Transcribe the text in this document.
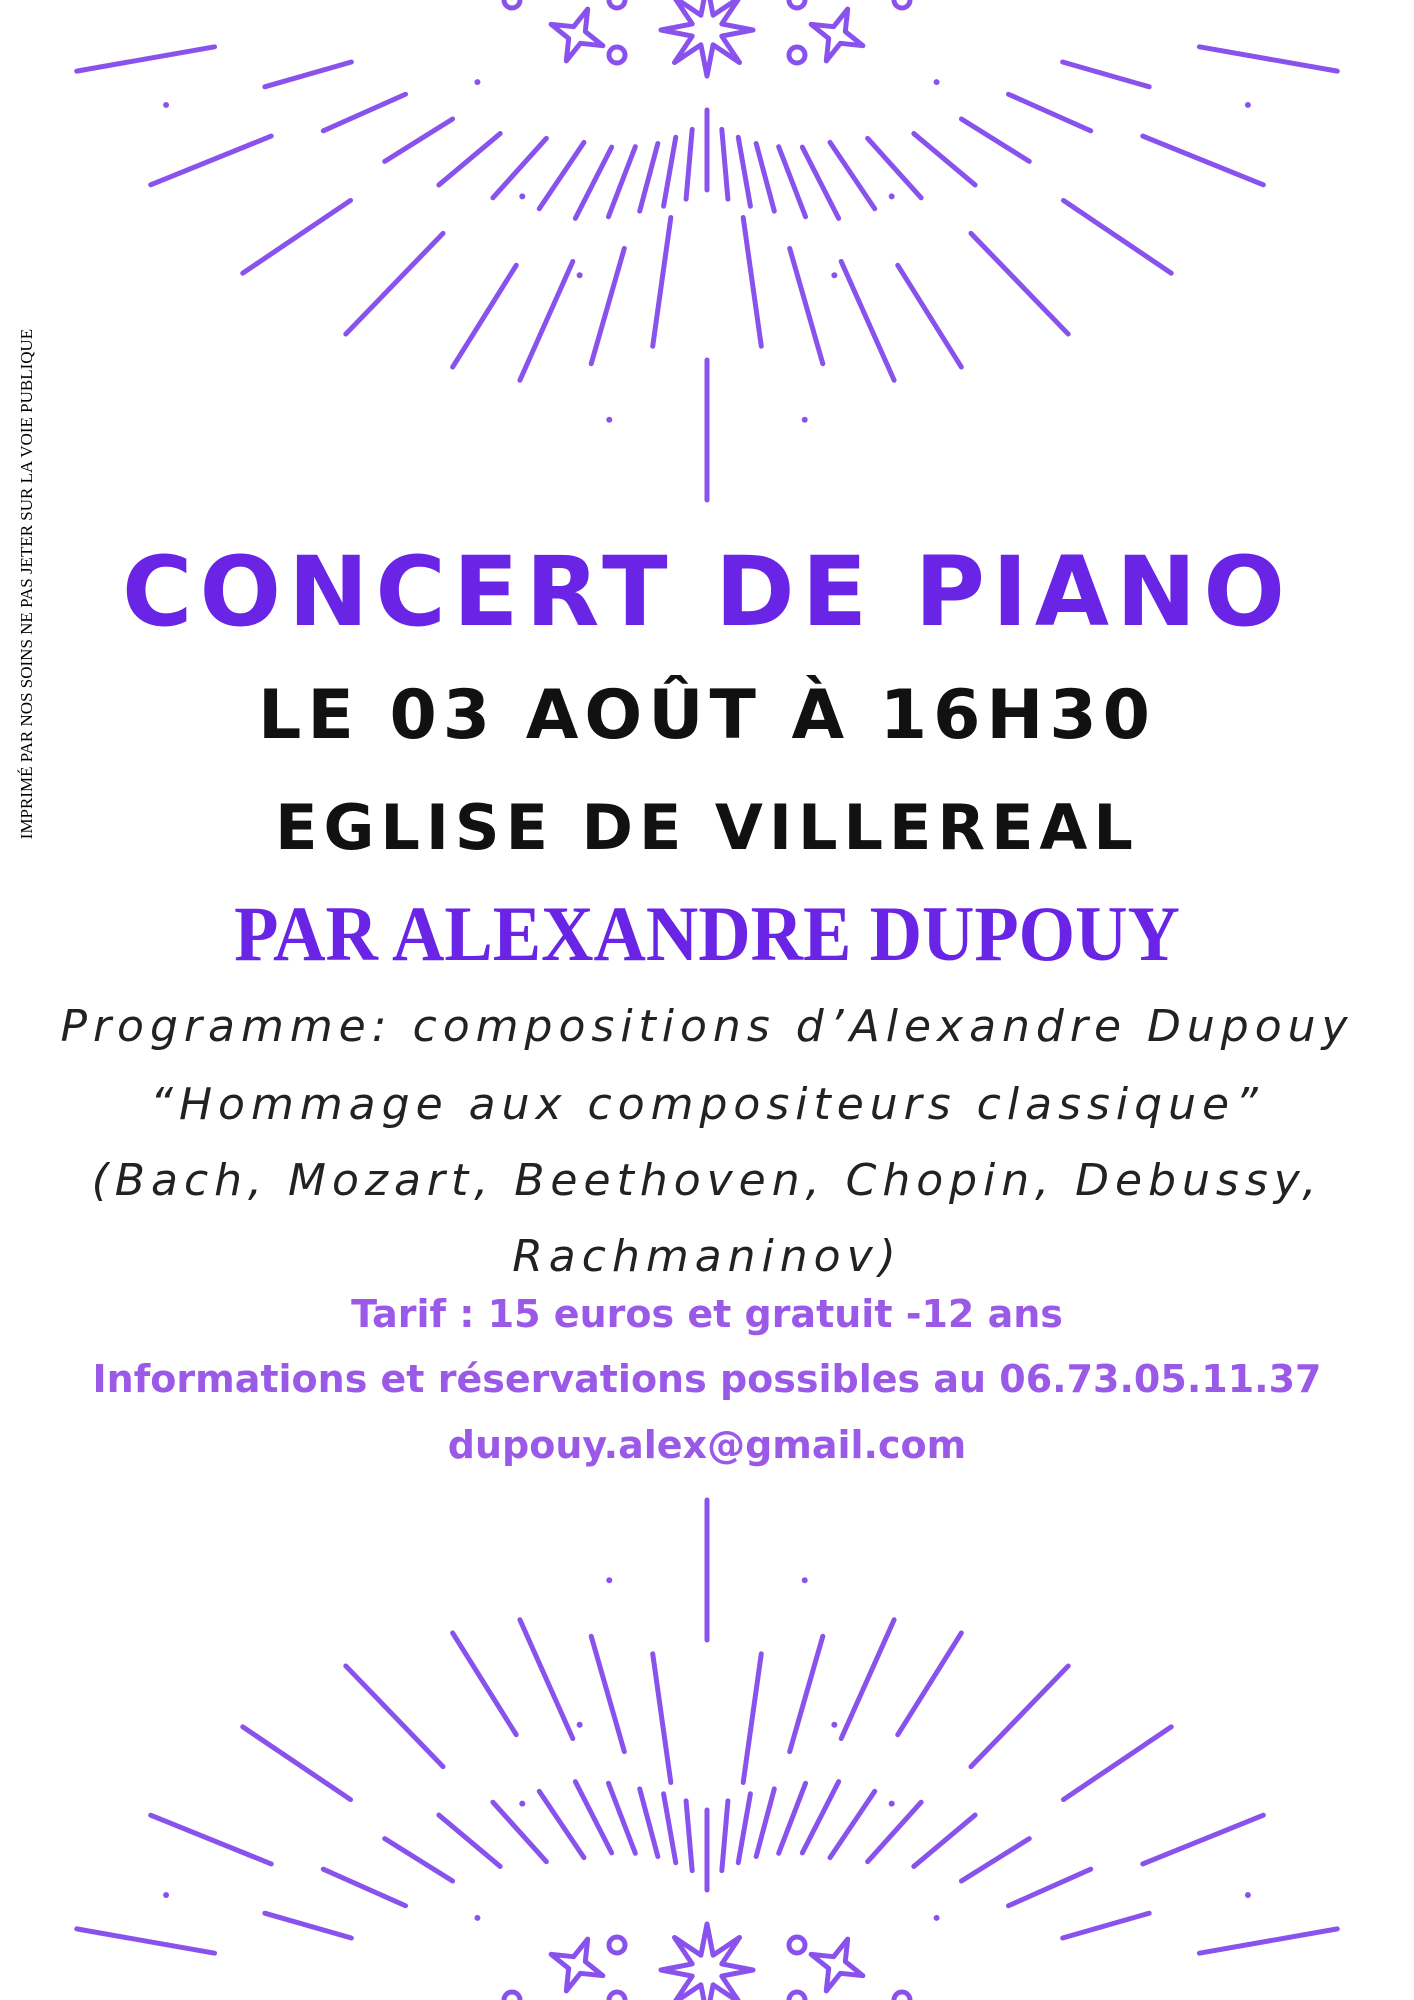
IMPRIMÉ PAR NOS SOINS NE PAS JETER SUR LA VOIE PUBLIQUE CONCERT DE PIANO
LE 03 AOÛT À 16H30
EGLISE DE VILLEREAL
PAR ALEXANDRE DUPOUY
Programme: compositions d’Alexandre Dupouy
“Hommage aux compositeurs classique”
(Bach, Mozart, Beethoven, Chopin, Debussy,
Rachmaninov)
Tarif : 15 euros et gratuit -12 ans
Informations et réservations possibles au 06.73.05.11.37
dupouy.alex@gmail.com
